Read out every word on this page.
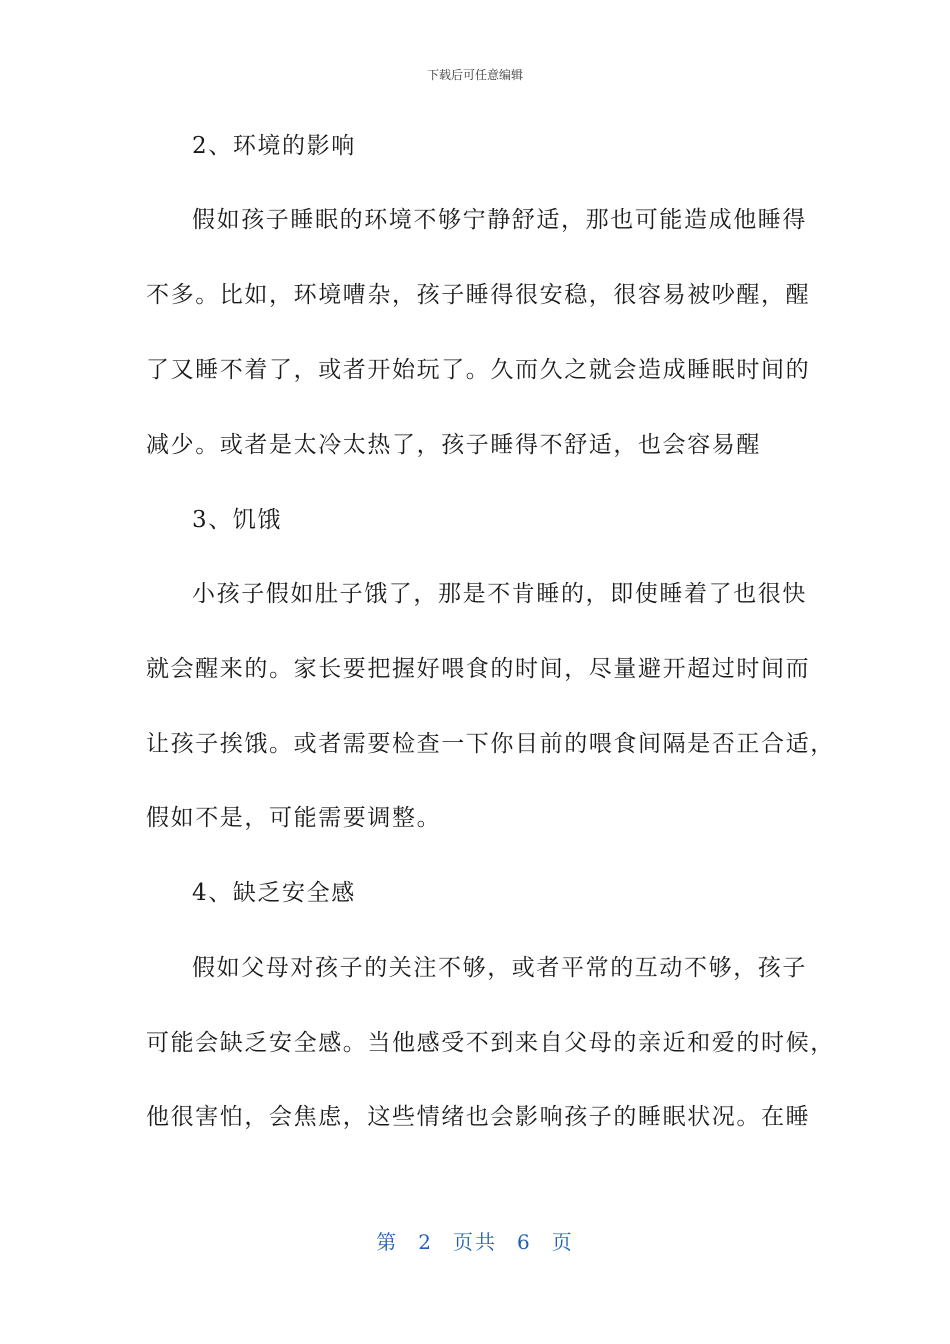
下载后可任意编辑
2、环境的影响
假如孩子睡眠的环境不够宁静舒适，那也可能造成他睡得
不多。比如，环境嘈杂，孩子睡得很安稳，很容易被吵醒，醒
了又睡不着了，或者开始玩了。久而久之就会造成睡眠时间的
减少。或者是太冷太热了，孩子睡得不舒适，也会容易醒
3、饥饿
小孩子假如肚子饿了，那是不肯睡的，即使睡着了也很快
就会醒来的。家长要把握好喂食的时间，尽量避开超过时间而
让孩子挨饿。或者需要检查一下你目前的喂食间隔是否正合适，
假如不是，可能需要调整。
4、缺乏安全感
假如父母对孩子的关注不够，或者平常的互动不够，孩子
可能会缺乏安全感。当他感受不到来自父母的亲近和爱的时候，
他很害怕，会焦虑，这些情绪也会影响孩子的睡眠状况。在睡
第 2 页共 6 页
